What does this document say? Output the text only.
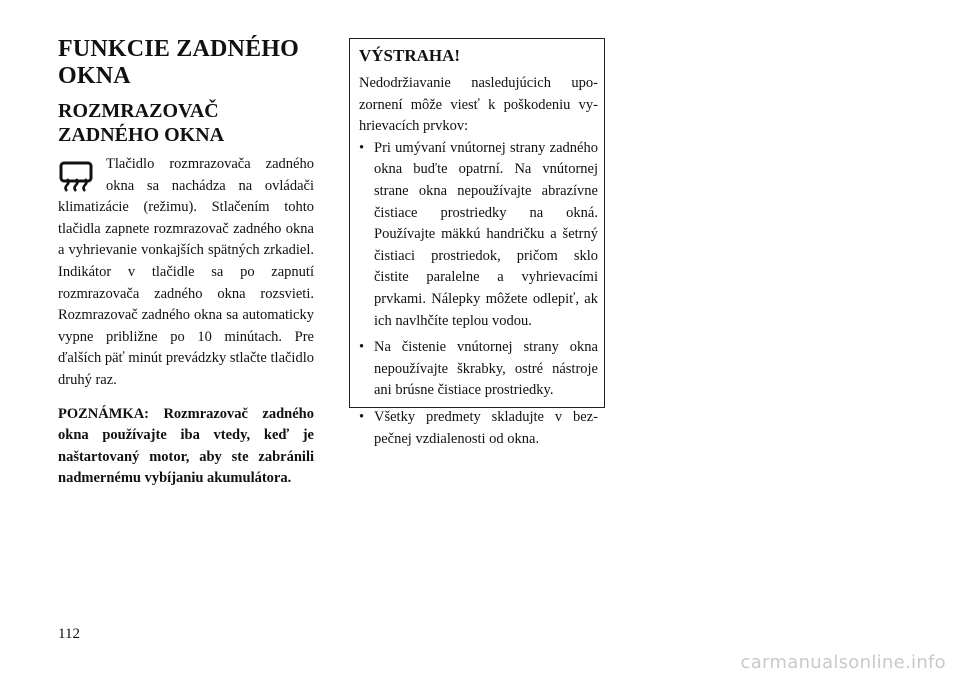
FUNKCIE ZADNÉHO OKNA
ROZMRAZOVAČ ZADNÉHO OKNA

Tlačidlo rozmrazovača zadného okna sa nachádza na ovládači klimatizácie (režimu). Stlačením tohto tlačidla zapnete rozmrazovač zadného okna a vyhrievanie vonkajších spätných zrkadiel. Indikátor v tlačidle sa po zapnutí rozmrazovača zadného okna rozsvieti. Rozmrazovač zadného okna sa automaticky vypne približne po 10 minútach. Pre ďalších päť minút prevádzky stlačte tlačidlo druhý raz.

POZNÁMKA: Rozmrazovač zadného okna používajte iba vtedy, keď je naštartovaný motor, aby ste zabránili nadmernému vybíjaniu akumulátora.

VÝSTRAHA!

Nedodržiavanie nasledujúcich upozornení môže viesť k poškodeniu vyhrievacích prvkov:

• Pri umývaní vnútornej strany zadného okna buďte opatrní. Na vnútornej strane okna nepoužívajte abrazívne čistiace prostriedky na okná. Používajte mäkkú handričku a šetrný čistiaci prostriedok, pričom sklo čistite paralelne a vyhrievacími prvkami. Nálepky môžete odlepiť, ak ich navlhčíte teplou vodou.
• Na čistenie vnútornej strany okna nepoužívajte škrabky, ostré nástroje ani brúsne čistiace prostriedky.
• Všetky predmety skladujte v bezpečnej vzdialenosti od okna.
112
carmanualsonline.info
